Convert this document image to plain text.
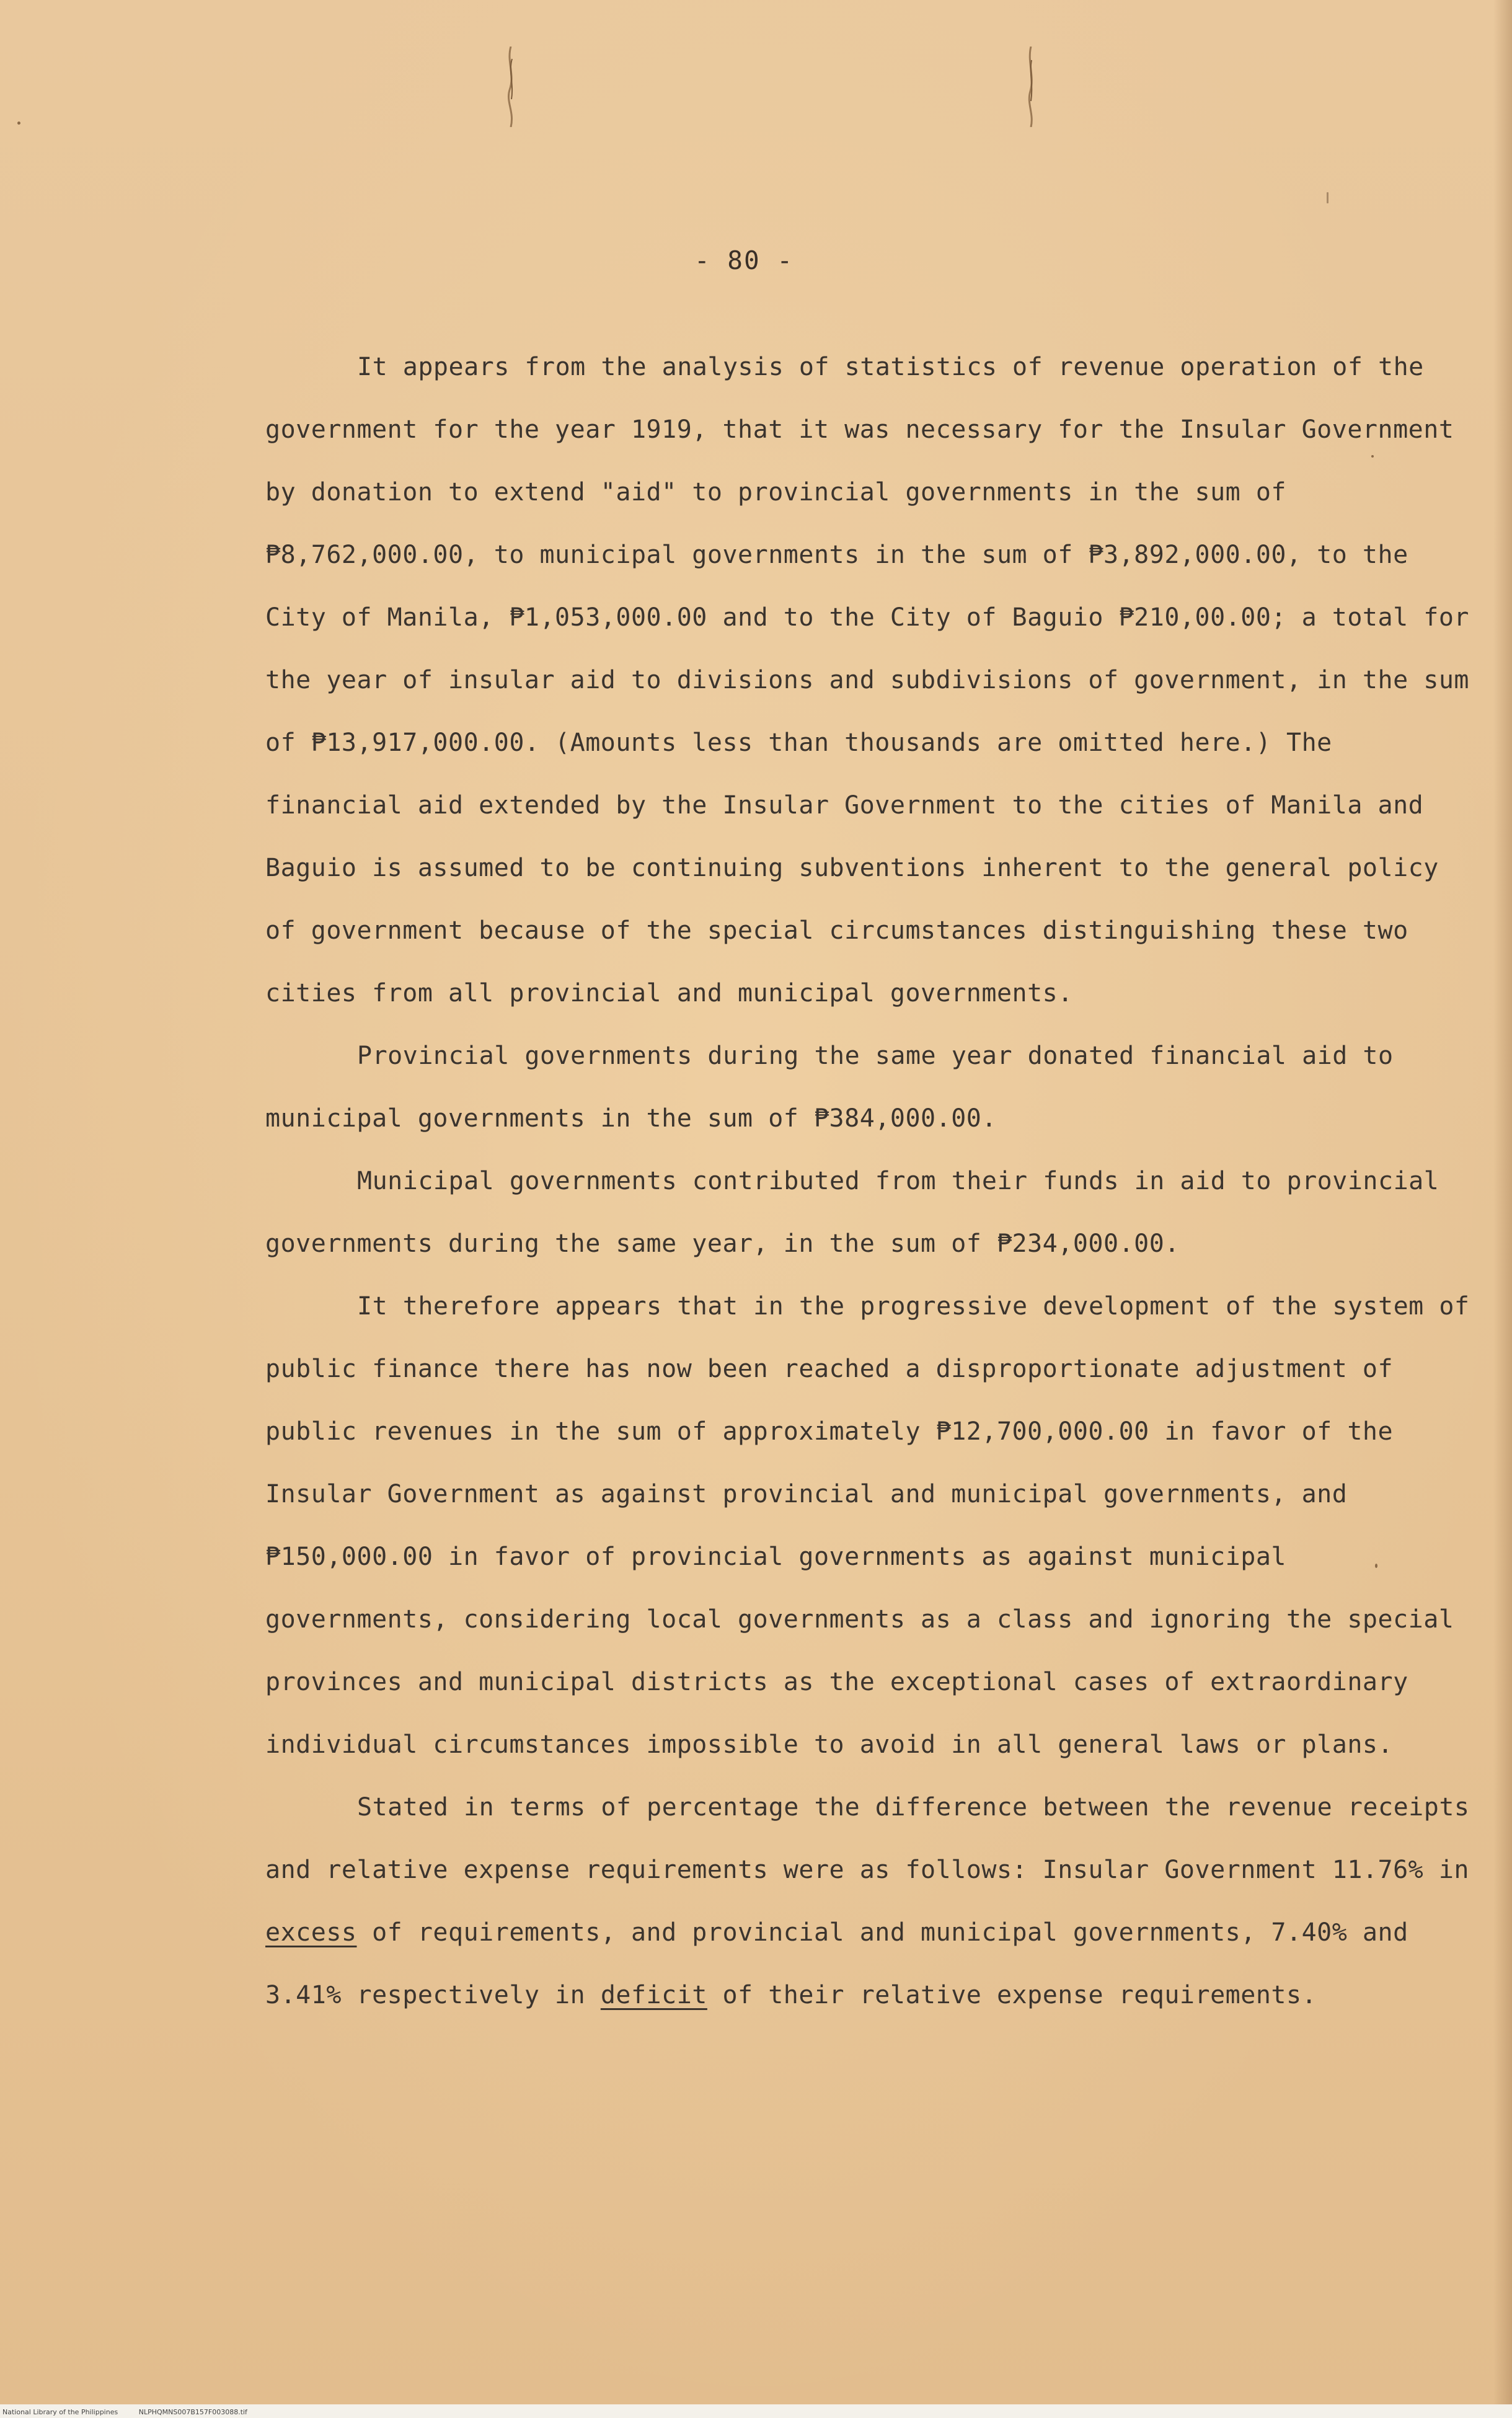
- 80 -

It appears from the analysis of statistics of revenue operation of the government for the year 1919, that it was necessary for the Insular Government by donation to extend "aid" to provincial governments in the sum of ₱8,762,000.00, to municipal governments in the sum of ₱3,892,000.00, to the City of Manila, ₱1,053,000.00 and to the City of Baguio ₱210,00.00; a total for the year of insular aid to divisions and subdivisions of government, in the sum of ₱13,917,000.00. (Amounts less than thousands are omitted here.) The financial aid extended by the Insular Government to the cities of Manila and Baguio is assumed to be continuing subventions inherent to the general policy of government because of the special circumstances distinguishing these two cities from all provincial and municipal governments.

Provincial governments during the same year donated financial aid to municipal governments in the sum of ₱384,000.00.

Municipal governments contributed from their funds in aid to provincial governments during the same year, in the sum of ₱234,000.00.

It therefore appears that in the progressive development of the system of public finance there has now been reached a disproportionate adjustment of public revenues in the sum of approximately ₱12,700,000.00 in favor of the Insular Government as against provincial and municipal governments, and ₱150,000.00 in favor of provincial governments as against municipal governments, considering local governments as a class and ignoring the special provinces and municipal districts as the exceptional cases of extraordinary individual circumstances impossible to avoid in all general laws or plans.

Stated in terms of percentage the difference between the revenue receipts and relative expense requirements were as follows: Insular Government 11.76% in excess of requirements, and provincial and municipal governments, 7.40% and 3.41% respectively in deficit of their relative expense requirements.

National Library of the Philippines	NLPHQMNS007B157F003088.tif
